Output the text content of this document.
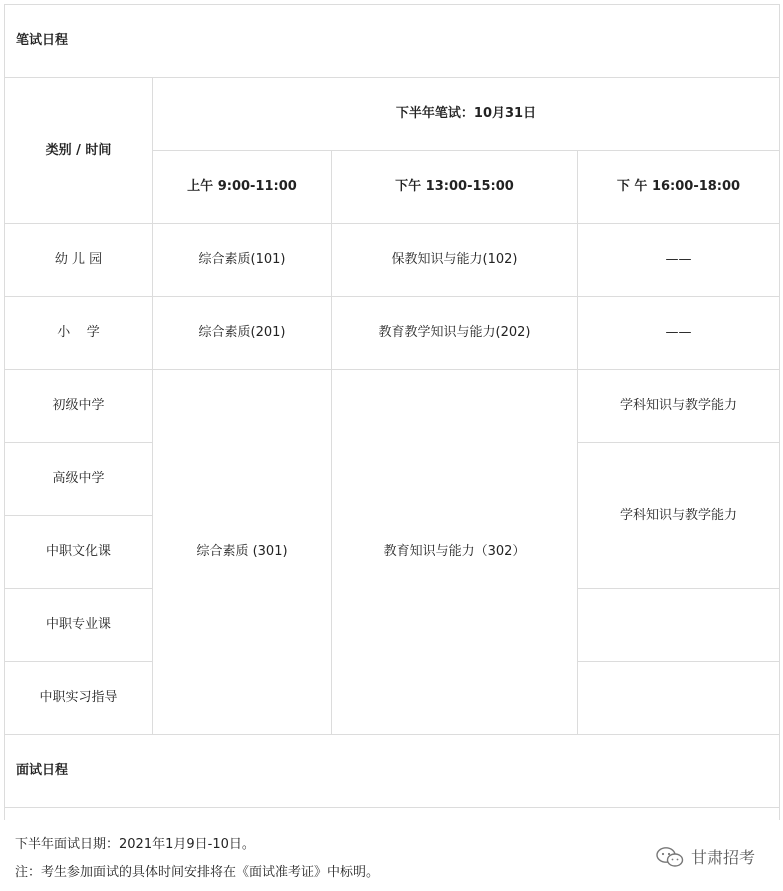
笔试日程			
类别 / 时间	下半年笔试：10月31日		
	上午 9:00-11:00	下午 13:00-15:00	下 午 16:00-18:00
幼 儿 园	综合素质(101)	保教知识与能力(102)	——
小    学	综合素质(201)	教育教学知识与能力(202)	——
初级中学	综合素质 (301)	教育知识与能力（302）	学科知识与教学能力
高级中学			学科知识与教学能力
中职文化课			
中职专业课			
中职实习指导			
面试日程			

下半年面试日期：2021年1月9日-10日。
注：考生参加面试的具体时间安排将在《面试准考证》中标明。
甘肃招考
